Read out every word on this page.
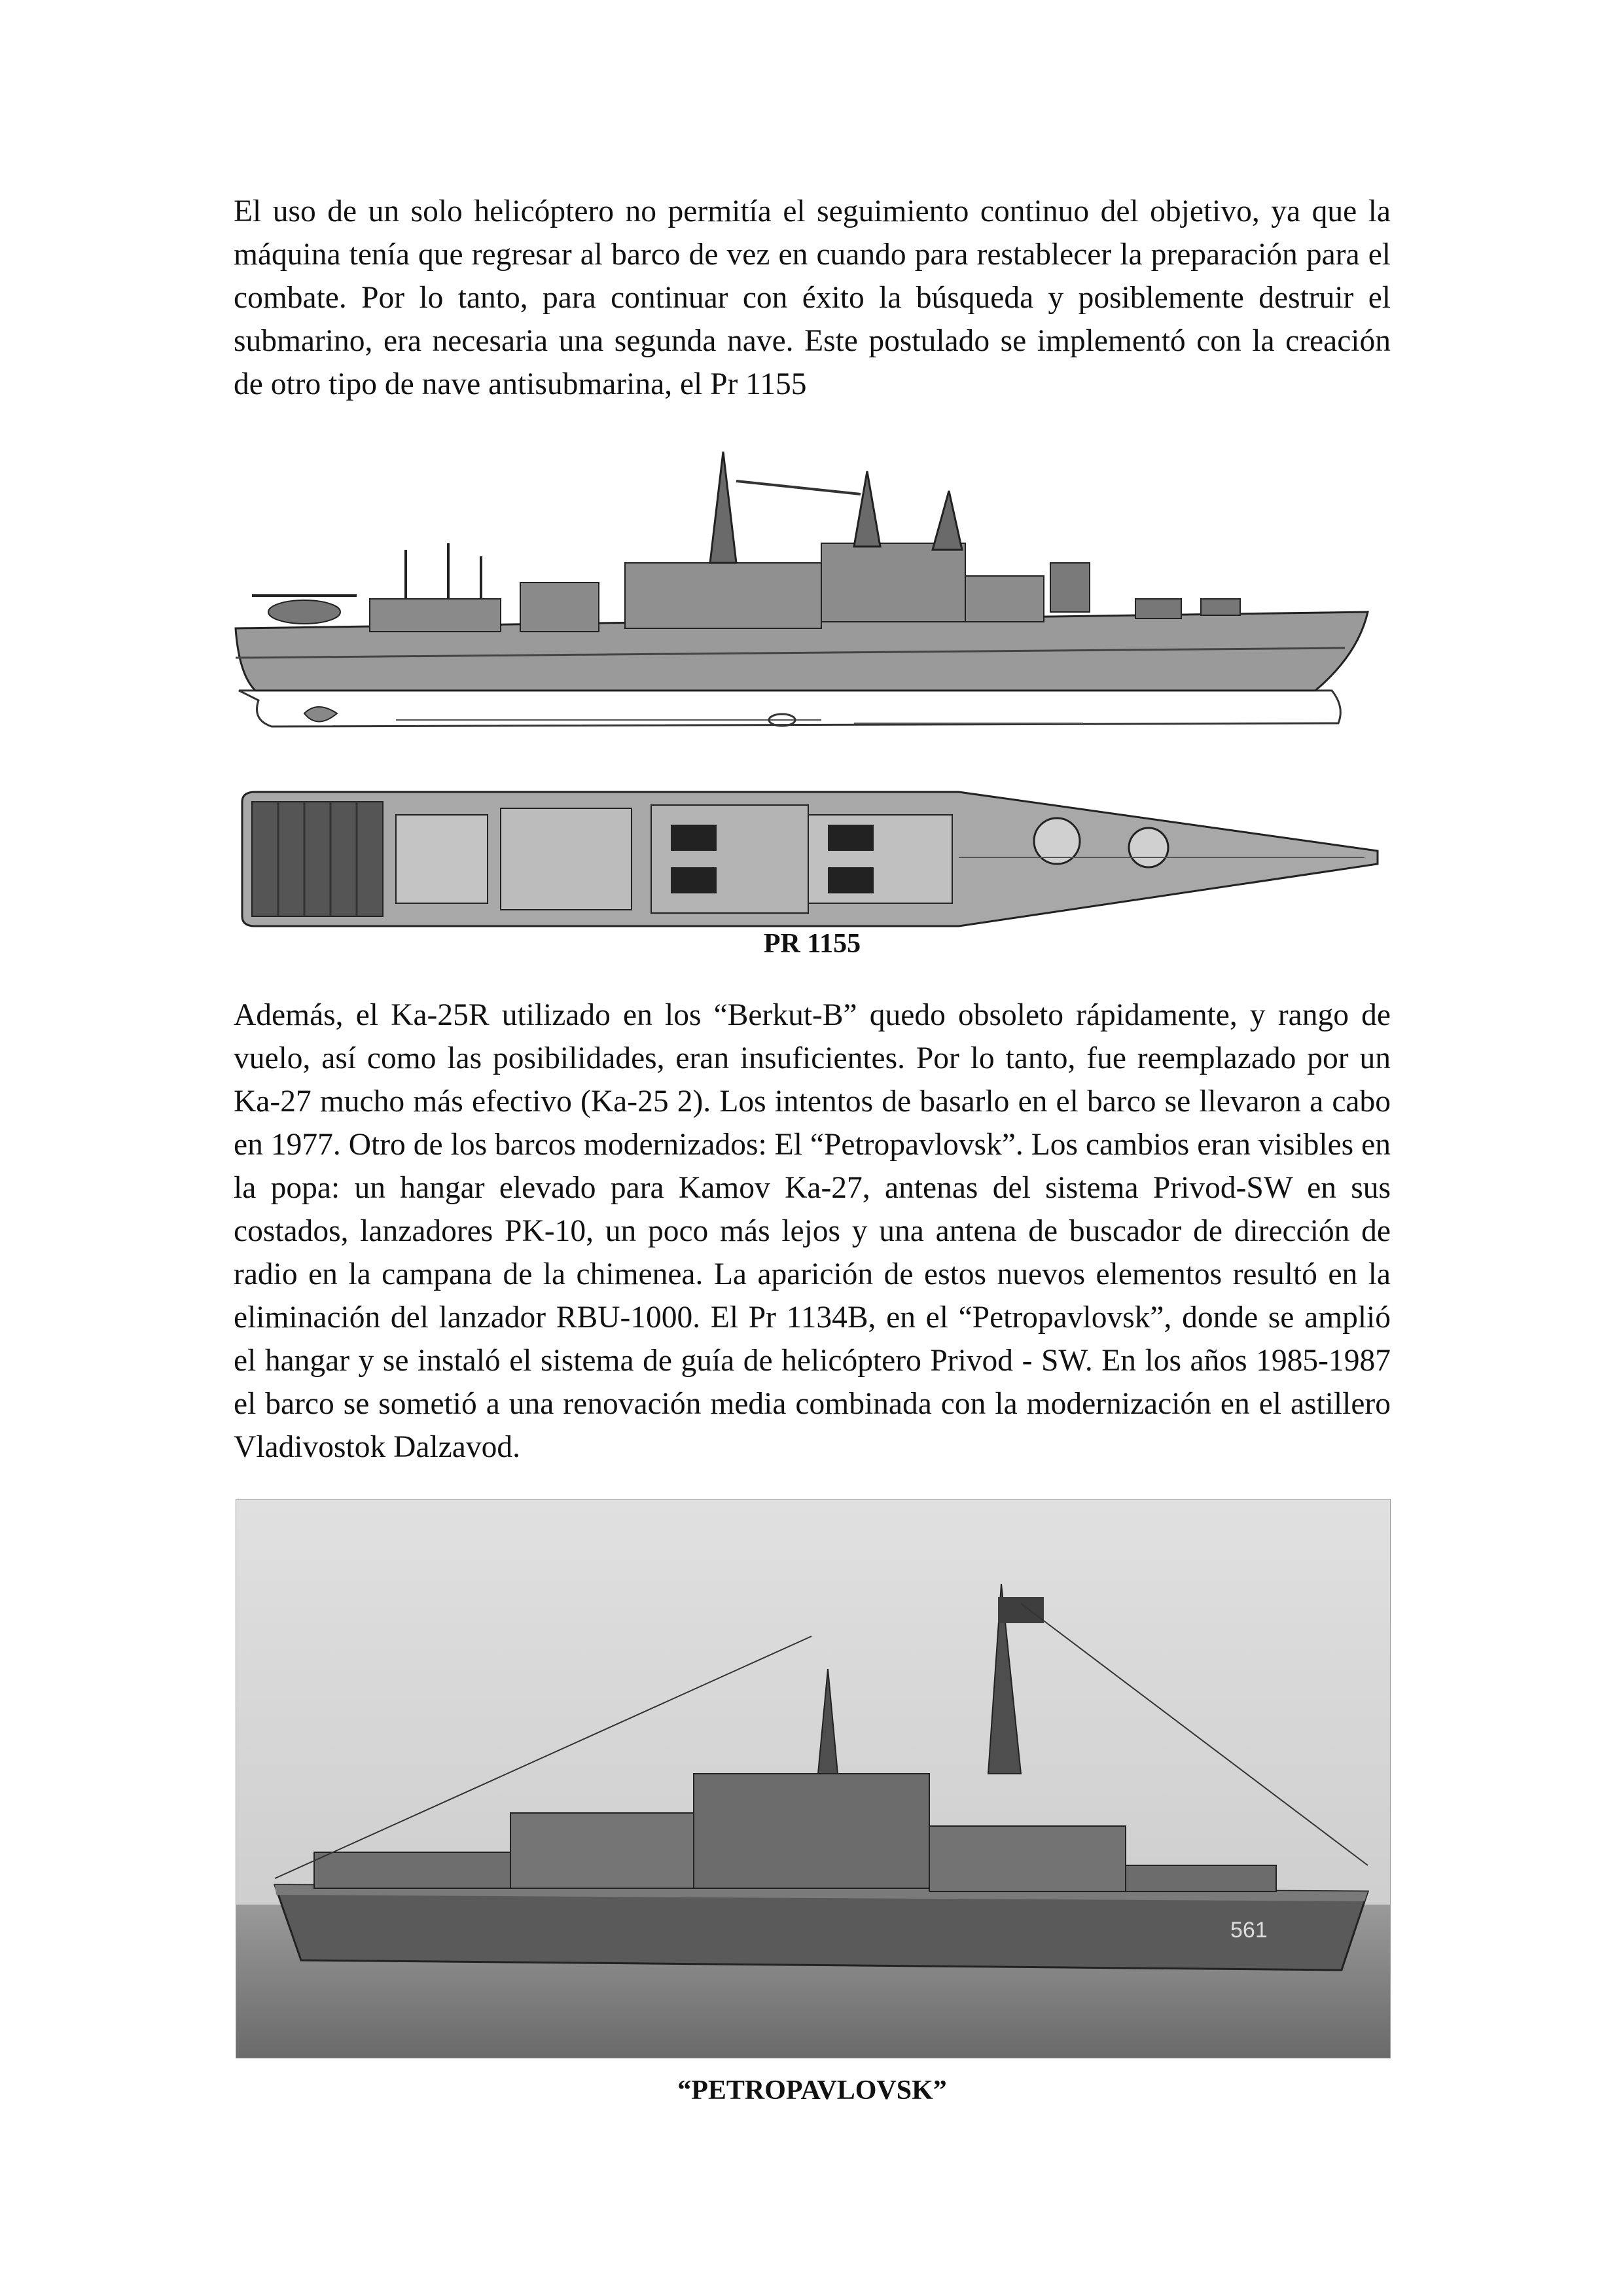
El uso de un solo helicóptero no permitía el seguimiento continuo del objetivo, ya que la máquina tenía que regresar al barco de vez en cuando para restablecer la preparación para el combate. Por lo tanto, para continuar con éxito la búsqueda y posiblemente destruir el submarino, era necesaria una segunda nave. Este postulado se implementó con la creación de otro tipo de nave antisubmarina, el Pr 1155

PR 1155

Además, el Ka-25R utilizado en los “Berkut-B” quedo obsoleto rápidamente, y rango de vuelo, así como las posibilidades, eran insuficientes. Por lo tanto, fue reemplazado por un Ka-27 mucho más efectivo (Ka-25 2). Los intentos de basarlo en el barco se llevaron a cabo en 1977. Otro de los barcos modernizados: El “Petropavlovsk”. Los cambios eran visibles en la popa: un hangar elevado para Kamov Ka-27, antenas del sistema Privod-SW en sus costados, lanzadores PK-10, un poco más lejos y una antena de buscador de dirección de radio en la campana de la chimenea. La aparición de estos nuevos elementos resultó en la eliminación del lanzador RBU-1000. El Pr 1134B, en el “Petropavlovsk”, donde se amplió el hangar y se instaló el sistema de guía de helicóptero Privod - SW. En los años 1985-1987 el barco se sometió a una renovación media combinada con la modernización en el astillero Vladivostok Dalzavod.

561

“PETROPAVLOVSK”
